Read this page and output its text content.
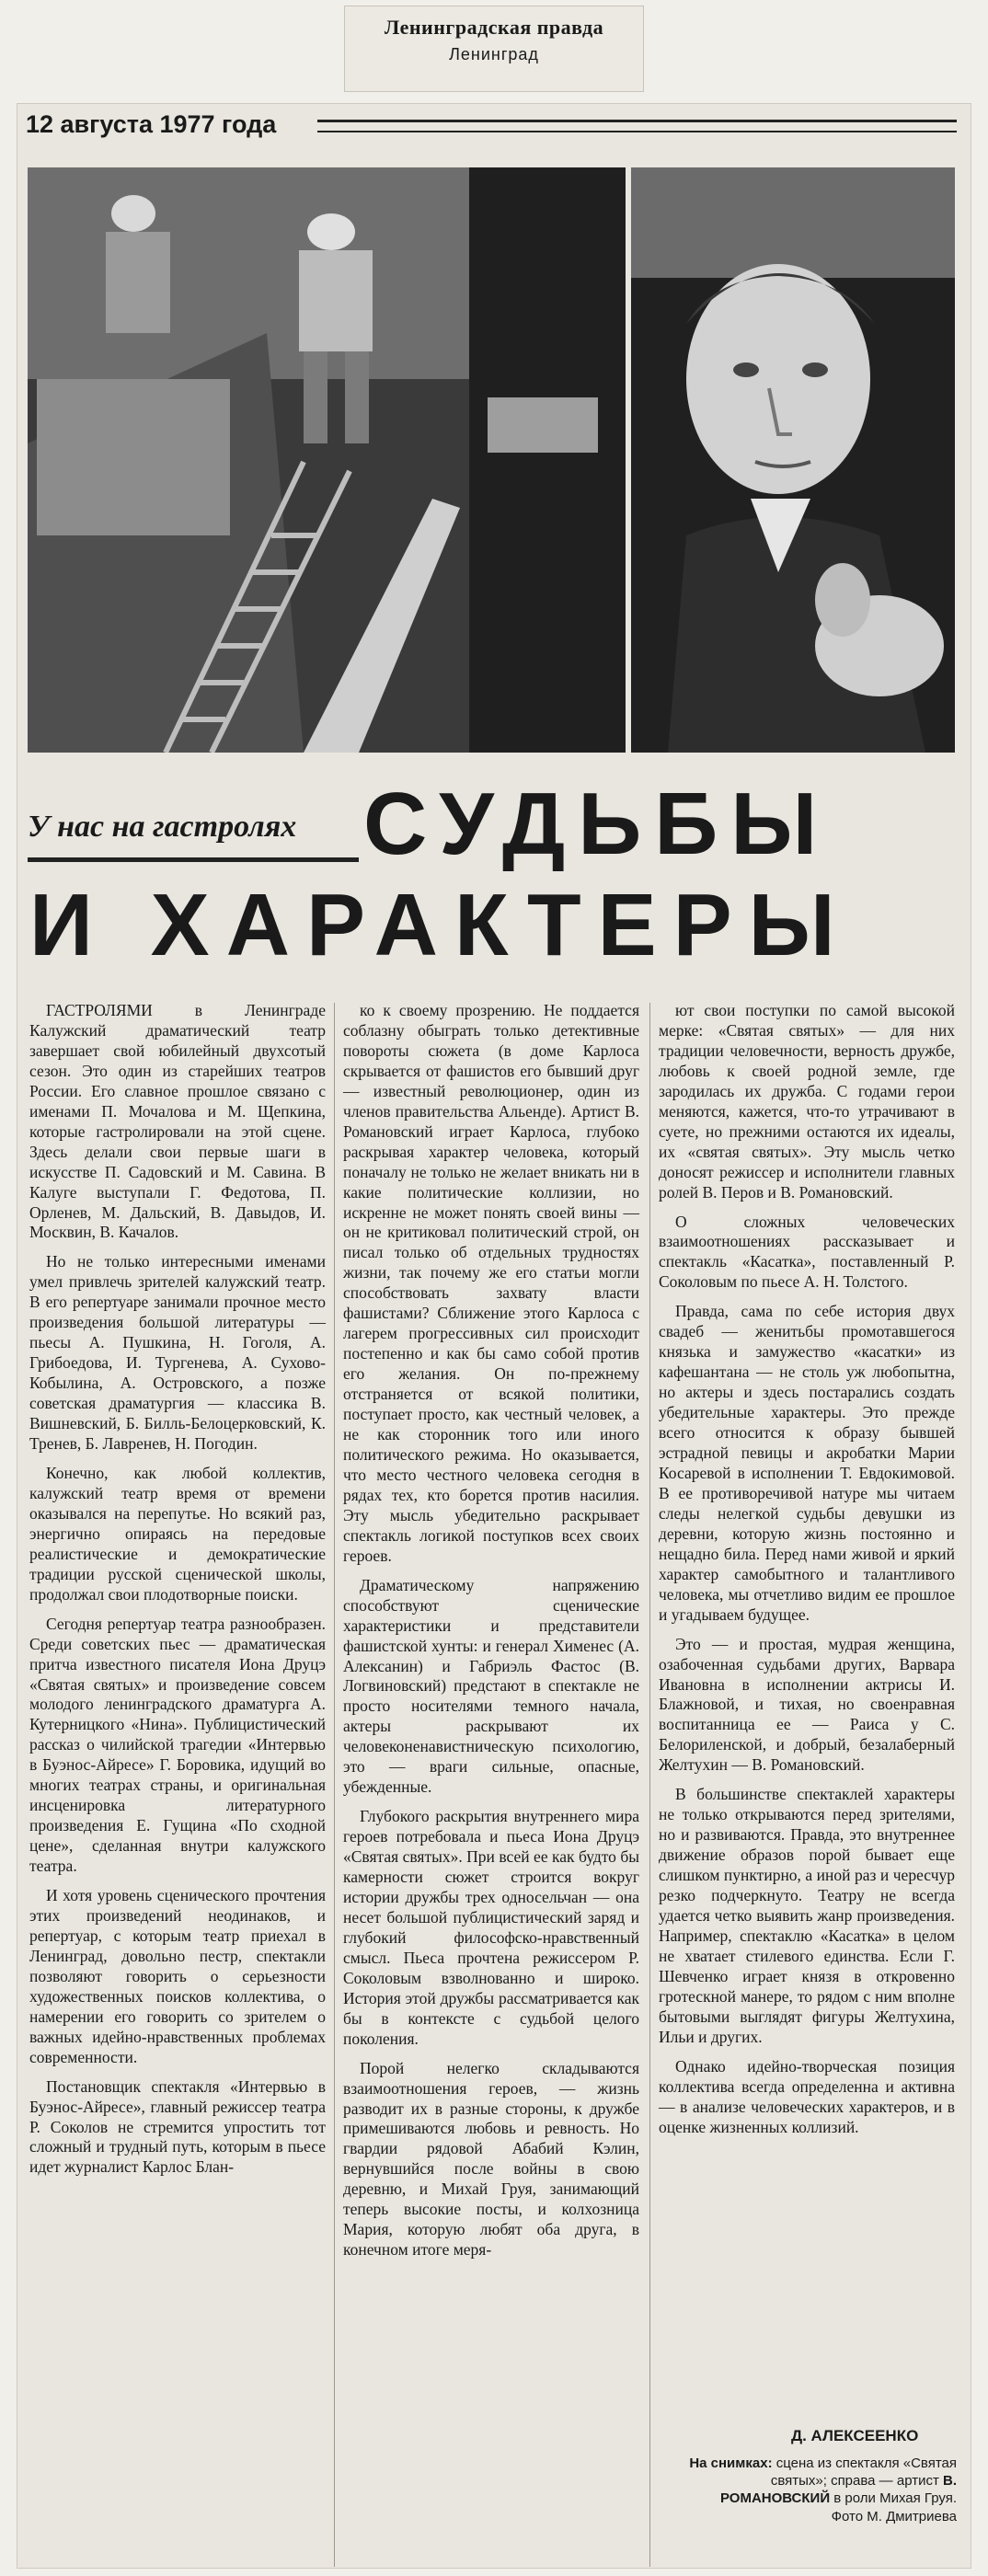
Ленинградская правда
Ленинград
12 августа 1977 года
У нас на гастролях СУДЬБЫ
И ХАРАКТЕРЫ

ГАСТРОЛЯМИ в Ленинграде Калужский драматический театр завершает свой юбилейный двухсотый сезон. Это один из старейших театров России. Его славное прошлое связано с именами П. Мочалова и М. Щепкина, которые гастролировали на этой сцене. Здесь делали свои первые шаги в искусстве П. Садовский и М. Савина. В Калуге выступали Г. Федотова, П. Орленев, М. Дальский, В. Давыдов, И. Москвин, В. Качалов.

Но не только интересными именами умел привлечь зрителей калужский театр. В его репертуаре занимали прочное место произведения большой литературы — пьесы А. Пушкина, Н. Гоголя, А. Грибоедова, И. Тургенева, А. Сухово-Кобылина, А. Островского, а позже советская драматургия — классика В. Вишневский, Б. Билль-Белоцерковский, К. Тренев, Б. Лавренев, Н. Погодин.

Конечно, как любой коллектив, калужский театр время от времени оказывался на перепутье. Но всякий раз, энергично опираясь на передовые реалистические и демократические традиции русской сценической школы, продолжал свои плодотворные поиски.

Сегодня репертуар театра разнообразен. Среди советских пьес — драматическая притча известного писателя Иона Друцэ «Святая святых» и произведение совсем молодого ленинградского драматурга А. Кутерницкого «Нина». Публицистический рассказ о чилийской трагедии «Интервью в Буэнос-Айресе» Г. Боровика, идущий во многих театрах страны, и оригинальная инсценировка литературного произведения Е. Гущина «По сходной цене», сделанная внутри калужского театра.

И хотя уровень сценического прочтения этих произведений неодинаков, и репертуар, с которым театр приехал в Ленинград, довольно пестр, спектакли позволяют говорить о серьезности художественных поисков коллектива, о намерении его говорить со зрителем о важных идейно-нравственных проблемах современности.

Постановщик спектакля «Интервью в Буэнос-Айресе», главный режиссер театра Р. Соколов не стремится упростить тот сложный и трудный путь, которым в пьесе идет журналист Карлос Блан-

ко к своему прозрению. Не поддается соблазну обыграть только детективные повороты сюжета (в доме Карлоса скрывается от фашистов его бывший друг — известный революционер, один из членов правительства Альенде). Артист В. Романовский играет Карлоса, глубоко раскрывая характер человека, который поначалу не только не желает вникать ни в какие политические коллизии, но искренне не может понять своей вины — он не критиковал политический строй, он писал только об отдельных трудностях жизни, так почему же его статьи могли способствовать захвату власти фашистами? Сближение этого Карлоса с лагерем прогрессивных сил происходит постепенно и как бы само собой против его желания. Он по-прежнему отстраняется от всякой политики, поступает просто, как честный человек, а не как сторонник того или иного политического режима. Но оказывается, что место честного человека сегодня в рядах тех, кто борется против насилия. Эту мысль убедительно раскрывает спектакль логикой поступков всех своих героев.

Драматическому напряжению способствуют сценические характеристики и представители фашистской хунты: и генерал Хименес (А. Алексанин) и Габриэль Фастос (В. Логвиновский) предстают в спектакле не просто носителями темного начала, актеры раскрывают их человеконенавистническую психологию, это — враги сильные, опасные, убежденные.

Глубокого раскрытия внутреннего мира героев потребовала и пьеса Иона Друцэ «Святая святых». При всей ее как будто бы камерности сюжет строится вокруг истории дружбы трех односельчан — она несет большой публицистический заряд и глубокий философско-нравственный смысл. Пьеса прочтена режиссером Р. Соколовым взволнованно и широко. История этой дружбы рассматривается как бы в контексте с судьбой целого поколения.

Порой нелегко складываются взаимоотношения героев, — жизнь разводит их в разные стороны, к дружбе примешиваются любовь и ревность. Но гвардии рядовой Абабий Кэлин, вернувшийся после войны в свою деревню, и Михай Груя, занимающий теперь высокие посты, и колхозница Мария, которую любят оба друга, в конечном итоге меря-

ют свои поступки по самой высокой мерке: «Святая святых» — для них традиции человечности, верность дружбе, любовь к своей родной земле, где зародилась их дружба. С годами герои меняются, кажется, что-то утрачивают в суете, но прежними остаются их идеалы, их «святая святых». Эту мысль четко доносят режиссер и исполнители главных ролей В. Перов и В. Романовский.

О сложных человеческих взаимоотношениях рассказывает и спектакль «Касатка», поставленный Р. Соколовым по пьесе А. Н. Толстого.

Правда, сама по себе история двух свадеб — женитьбы промотавшегося князька и замужество «касатки» из кафешантана — не столь уж любопытна, но актеры и здесь постарались создать убедительные характеры. Это прежде всего относится к образу бывшей эстрадной певицы и акробатки Марии Косаревой в исполнении Т. Евдокимовой. В ее противоречивой натуре мы читаем следы нелегкой судьбы девушки из деревни, которую жизнь постоянно и нещадно била. Перед нами живой и яркий характер самобытного и талантливого человека, мы отчетливо видим ее прошлое и угадываем будущее.

Это — и простая, мудрая женщина, озабоченная судьбами других, Варвара Ивановна в исполнении актрисы И. Блажновой, и тихая, но своенравная воспитанница ее — Раиса у С. Белориленской, и добрый, безалаберный Желтухин — В. Романовский.

В большинстве спектаклей характеры не только открываются перед зрителями, но и развиваются. Правда, это внутреннее движение образов порой бывает еще слишком пунктирно, а иной раз и чересчур резко подчеркнуто. Театру не всегда удается четко выявить жанр произведения. Например, спектаклю «Касатка» в целом не хватает стилевого единства. Если Г. Шевченко играет князя в откровенно гротескной манере, то рядом с ним вполне бытовыми выглядят фигуры Желтухина, Ильи и других.

Однако идейно-творческая позиция коллектива всегда определенна и активна — в анализе человеческих характеров, и в оценке жизненных коллизий.

Д. АЛЕКСЕЕНКО
На снимках: сцена из спектакля «Святая святых»; справа — артист В. РОМАНОВСКИЙ в роли Михая Груя.
Фото М. Дмитриева
